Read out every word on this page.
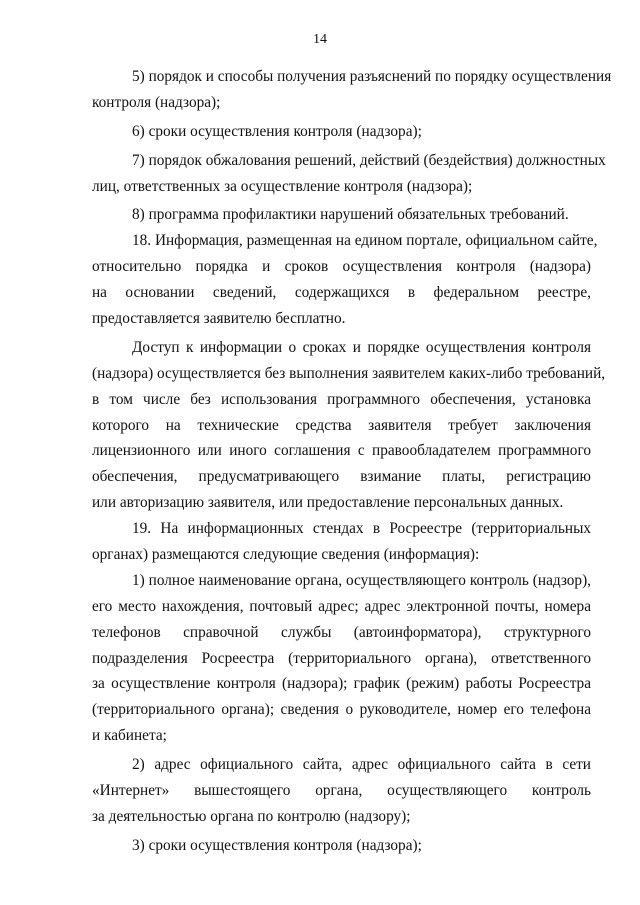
14
5) порядок и способы получения разъяснений по порядку осуществления
контроля (надзора);
6) сроки осуществления контроля (надзора);
7) порядок обжалования решений, действий (бездействия) должностных
лиц, ответственных за осуществление контроля (надзора);
8) программа профилактики нарушений обязательных требований.
18. Информация, размещенная на едином портале, официальном сайте,
относительно порядка и сроков осуществления контроля (надзора)
на основании сведений, содержащихся в федеральном реестре,
предоставляется заявителю бесплатно.
Доступ к информации о сроках и порядке осуществления контроля
(надзора) осуществляется без выполнения заявителем каких-либо требований,
в том числе без использования программного обеспечения, установка
которого на технические средства заявителя требует заключения
лицензионного или иного соглашения с правообладателем программного
обеспечения, предусматривающего взимание платы, регистрацию
или авторизацию заявителя, или предоставление персональных данных.
19. На информационных стендах в Росреестре (территориальных
органах) размещаются следующие сведения (информация):
1) полное наименование органа, осуществляющего контроль (надзор),
его место нахождения, почтовый адрес; адрес электронной почты, номера
телефонов справочной службы (автоинформатора), структурного
подразделения Росреестра (территориального органа), ответственного
за осуществление контроля (надзора); график (режим) работы Росреестра
(территориального органа); сведения о руководителе, номер его телефона
и кабинета;
2) адрес официального сайта, адрес официального сайта в сети
«Интернет» вышестоящего органа, осуществляющего контроль
за деятельностью органа по контролю (надзору);
3) сроки осуществления контроля (надзора);
